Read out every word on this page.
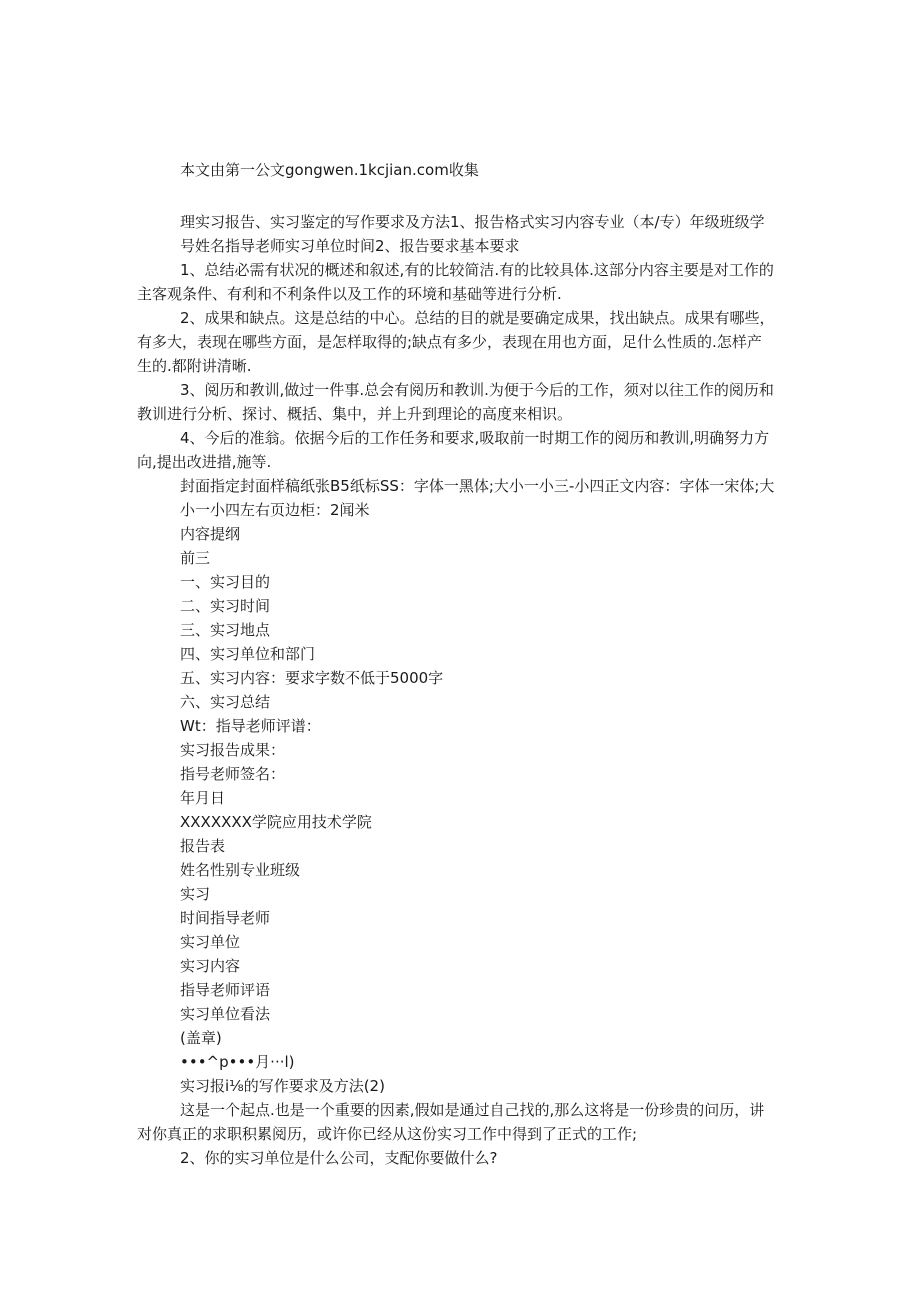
本文由第一公文gongwen.1kcjian.com收集
理实习报告、实习鉴定的写作要求及方法1、报告格式实习内容专业（本/专）年级班级学
号姓名指导老师实习单位时间2、报告要求基本要求
1、总结必需有状况的概述和叙述,有的比较简洁.有的比较具体.这部分内容主要是对工作的
主客观条件、有利和不利条件以及工作的环境和基础等进行分析.
2、成果和缺点。这是总结的中心。总结的目的就是要确定成果，找出缺点。成果有哪些，
有多大，表现在哪些方面，是怎样取得的;缺点有多少，表现在用也方面，足什么性质的.怎样产
生的.都附讲清晰.
3、阅历和教训,做过一件事.总会有阅历和教训.为便于今后的工作，须对以往工作的阅历和
教训进行分析、探讨、概括、集中，并上升到理论的高度来相识。
4、今后的准翁。依据今后的工作任务和要求,吸取前一时期工作的阅历和教训,明确努力方
向,提出改进措,施等.
封面指定封面样稿纸张B5纸标SS：字体一黑体;大小一小三-小四正文内容：字体一宋体;大
小一小四左右页边柜：2闻米
内容提纲
前三
一、实习目的
二、实习时间
三、实习地点
四、实习单位和部门
五、实习内容：要求字数不低于5000字
六、实习总结
Wt：指导老师评谱：
实习报告成果：
指号老师签名：
年月日
XXXXXXX学院应用技术学院
报告表
姓名性别专业班级
实习
时间指导老师
实习单位
实习内容
指导老师评语
实习单位看法
(盖章)
•••^p•••月···l)
实习报i⅛的写作要求及方法(2)
这是一个起点.也是一个重要的因素,假如是通过自己找的,那么这将是一份珍贵的问历，讲
对你真正的求职积累阅历，或许你已经从这份实习工作中得到了正式的工作;
2、你的实习单位是什么公司，支配你要做什么?
